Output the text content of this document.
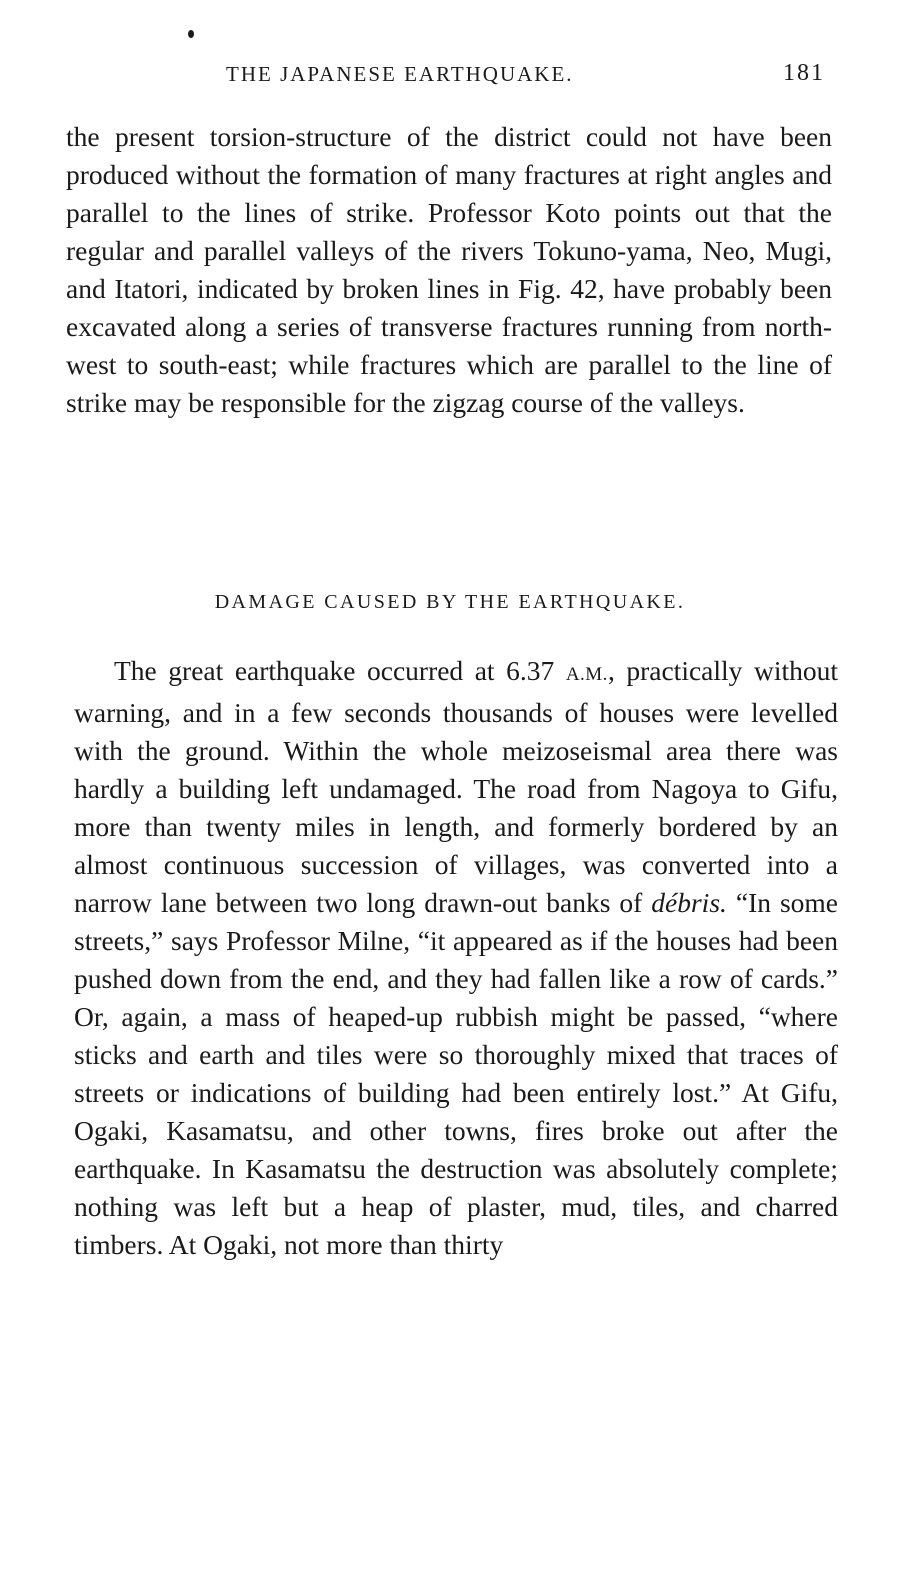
THE JAPANESE EARTHQUAKE.	181

the present torsion-structure of the district could not have been produced without the formation of many fractures at right angles and parallel to the lines of strike. Professor Koto points out that the regular and parallel valleys of the rivers Tokuno-yama, Neo, Mugi, and Itatori, indicated by broken lines in Fig. 42, have probably been excavated along a series of transverse fractures running from north-west to south-east; while fractures which are parallel to the line of strike may be responsible for the zigzag course of the valleys.

DAMAGE CAUSED BY THE EARTHQUAKE.

The great earthquake occurred at 6.37 A.M., practically without warning, and in a few seconds thousands of houses were levelled with the ground. Within the whole meizoseismal area there was hardly a building left undamaged. The road from Nagoya to Gifu, more than twenty miles in length, and formerly bordered by an almost continuous succession of villages, was converted into a narrow lane between two long drawn-out banks of débris. “In some streets,” says Professor Milne, “it appeared as if the houses had been pushed down from the end, and they had fallen like a row of cards.” Or, again, a mass of heaped-up rubbish might be passed, “where sticks and earth and tiles were so thoroughly mixed that traces of streets or indications of building had been entirely lost.” At Gifu, Ogaki, Kasamatsu, and other towns, fires broke out after the earthquake. In Kasamatsu the destruction was absolutely complete; nothing was left but a heap of plaster, mud, tiles, and charred timbers. At Ogaki, not more than thirty
